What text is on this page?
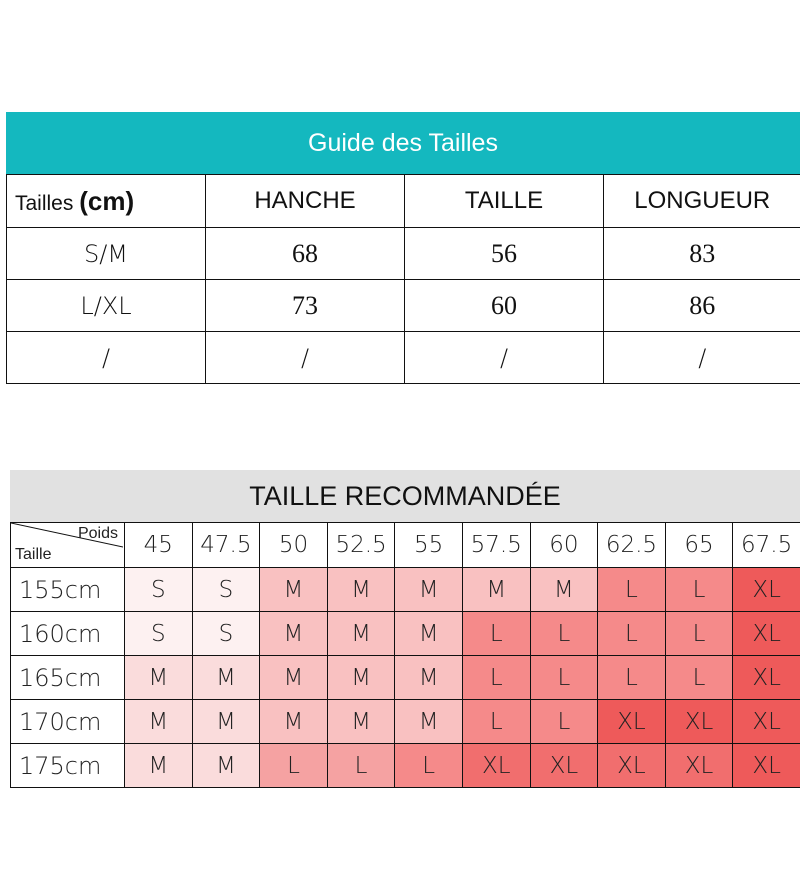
Guide des Tailles
Tailles (cm)	HANCHE	TAILLE	LONGUEUR
S/M	68	56	83
L/XL	73	60	86
/	/	/	/
TAILLE RECOMMANDÉE
Poids
Taille	45	47.5	50	52.5	55	57.5	60	62.5	65	67.5
155cm	S	S	M	M	M	M	M	L	L	XL
160cm	S	S	M	M	M	L	L	L	L	XL
165cm	M	M	M	M	M	L	L	L	L	XL
170cm	M	M	M	M	M	L	L	XL	XL	XL
175cm	M	M	L	L	L	XL	XL	XL	XL	XL
